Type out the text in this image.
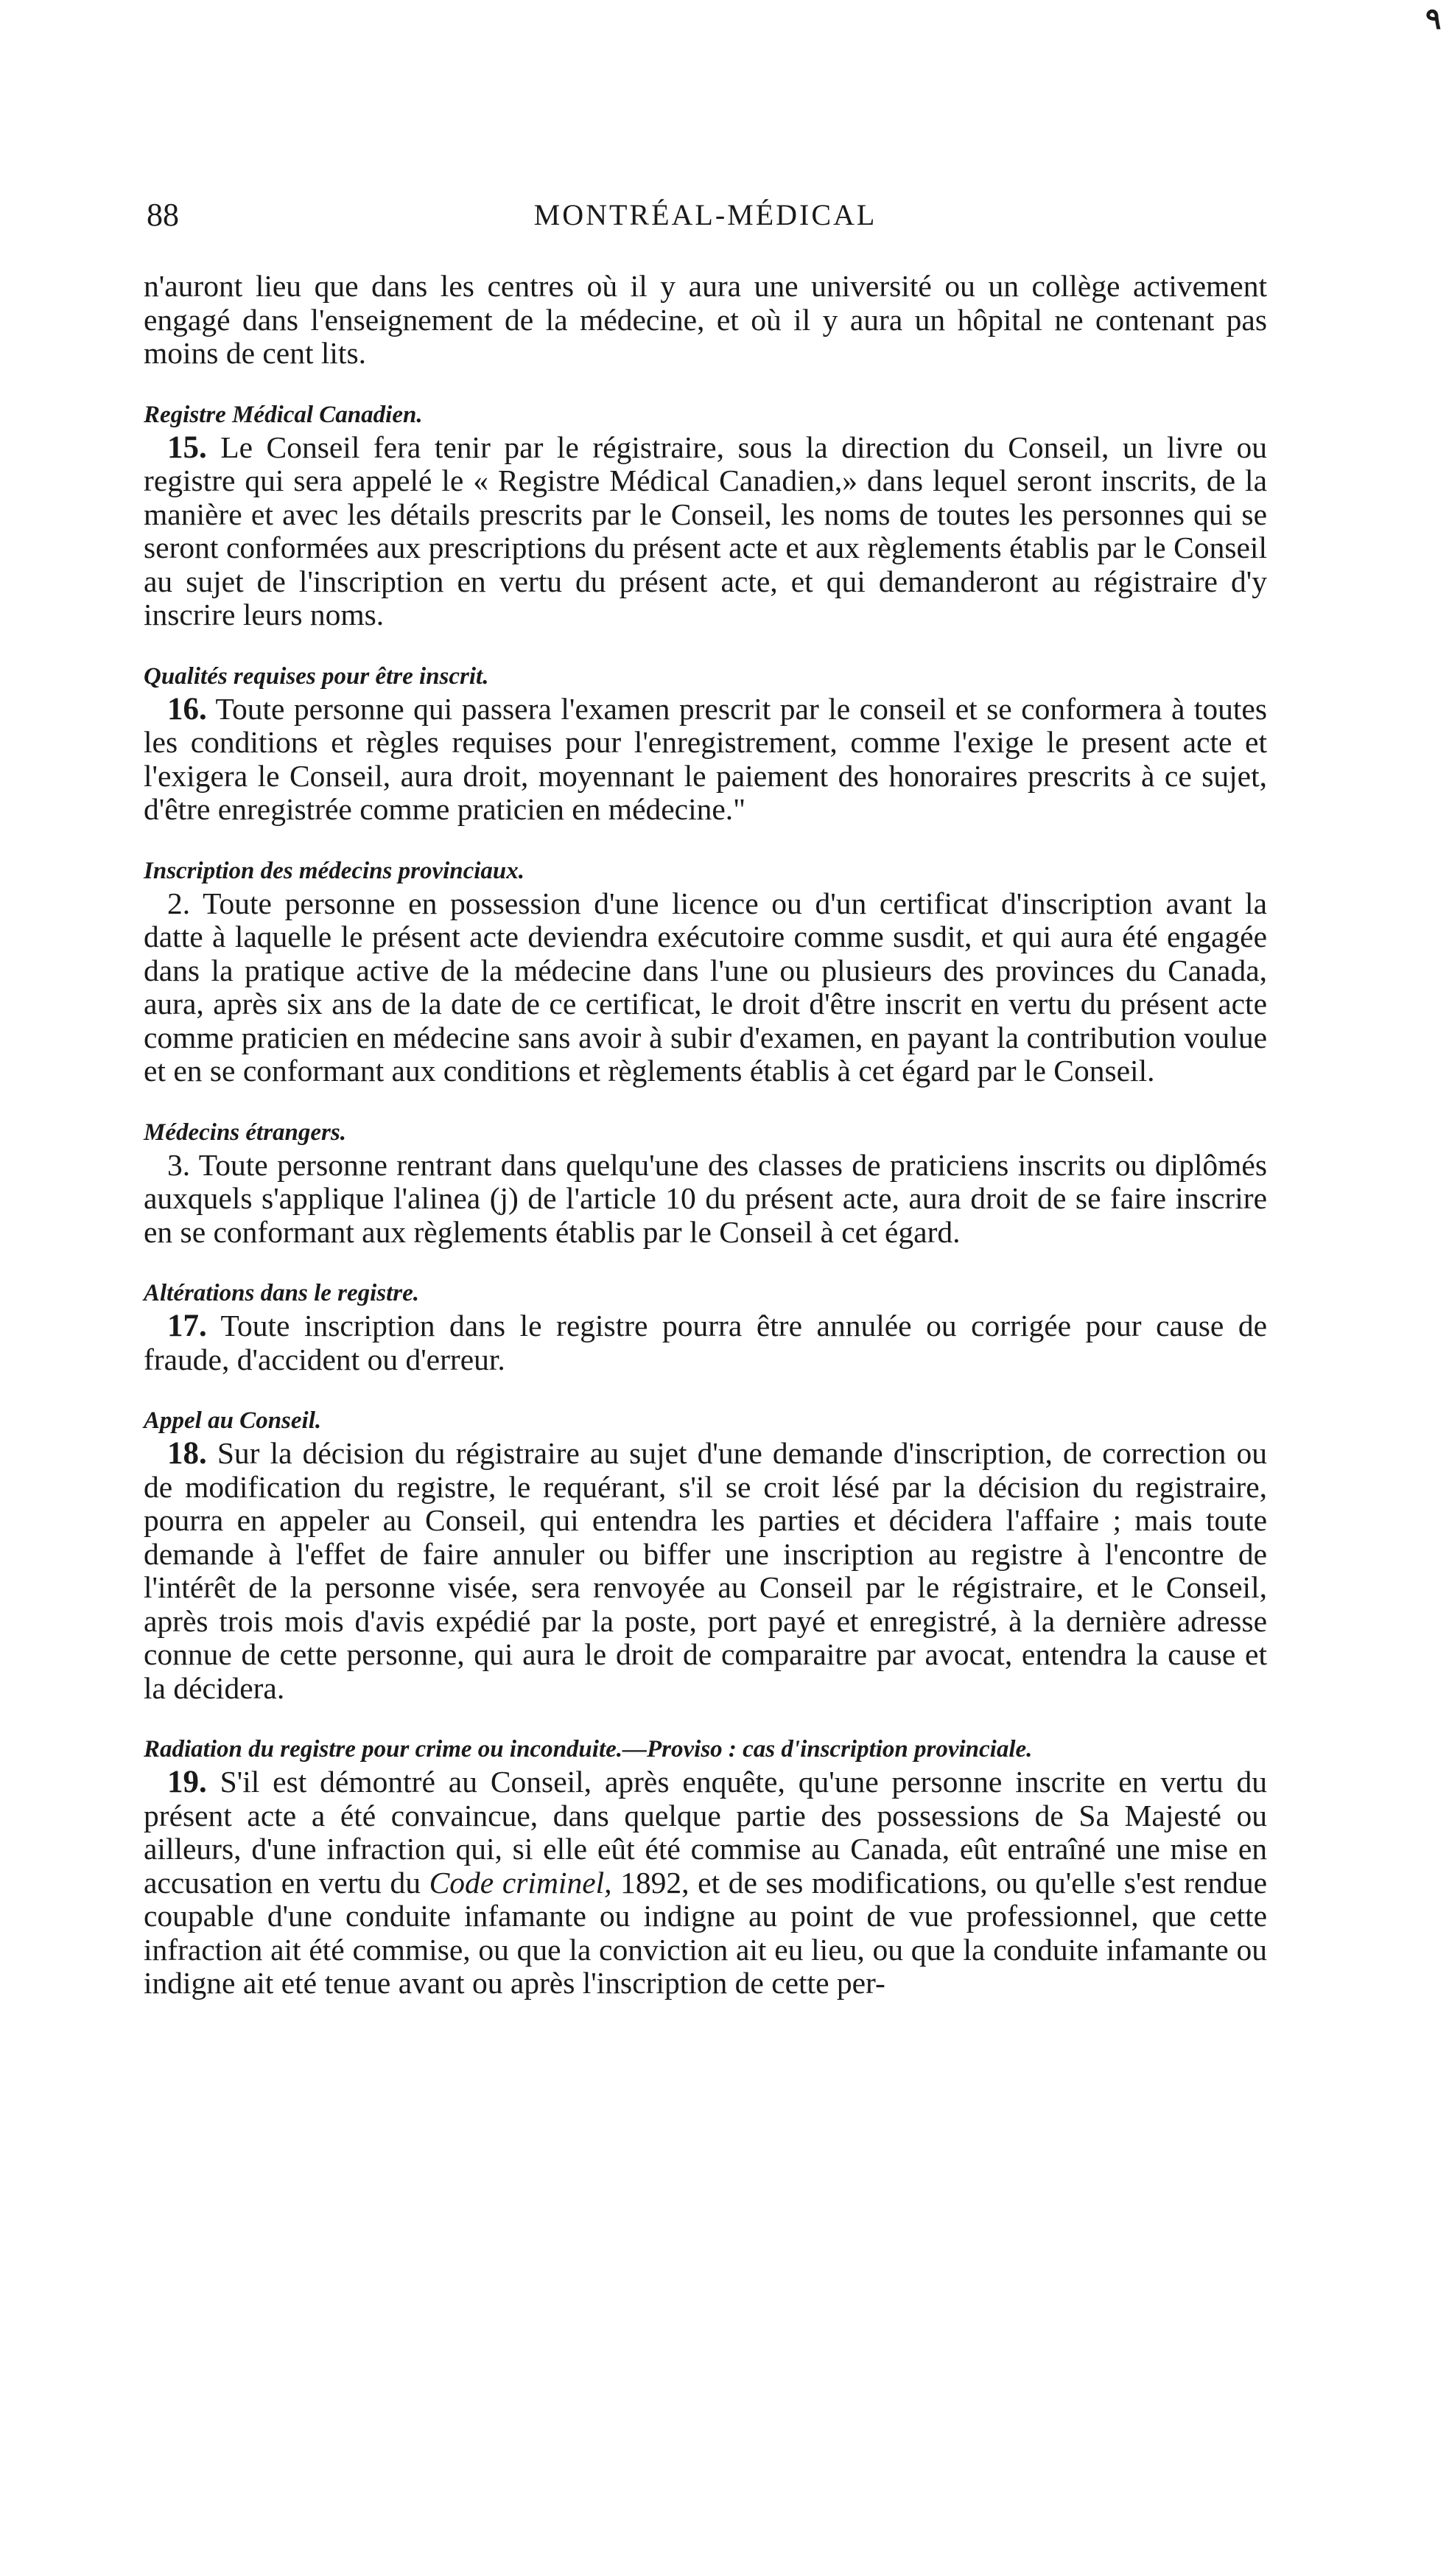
٩
88	MONTRÉAL-MÉDICAL

n'auront lieu que dans les centres où il y aura une université ou un collège activement engagé dans l'enseignement de la médecine, et où il y aura un hôpital ne contenant pas moins de cent lits.

Registre Médical Canadien.

15. Le Conseil fera tenir par le régistraire, sous la direction du Conseil, un livre ou registre qui sera appelé le « Registre Médical Canadien,» dans lequel seront inscrits, de la manière et avec les détails prescrits par le Conseil, les noms de toutes les personnes qui se seront conformées aux prescriptions du présent acte et aux règlements établis par le Conseil au sujet de l'inscription en vertu du présent acte, et qui demanderont au régistraire d'y inscrire leurs noms.

Qualités requises pour être inscrit.

16. Toute personne qui passera l'examen prescrit par le conseil et se conformera à toutes les conditions et règles requises pour l'enregistrement, comme l'exige le present acte et l'exigera le Conseil, aura droit, moyennant le paiement des honoraires prescrits à ce sujet, d'être enregistrée comme praticien en médecine."

Inscription des médecins provinciaux.

2. Toute personne en possession d'une licence ou d'un certificat d'inscription avant la datte à laquelle le présent acte deviendra exécutoire comme susdit, et qui aura été engagée dans la pratique active de la médecine dans l'une ou plusieurs des provinces du Canada, aura, après six ans de la date de ce certificat, le droit d'être inscrit en vertu du présent acte comme praticien en médecine sans avoir à subir d'examen, en payant la contribution voulue et en se conformant aux conditions et règlements établis à cet égard par le Conseil.

Médecins étrangers.

3. Toute personne rentrant dans quelqu'une des classes de praticiens inscrits ou diplômés auxquels s'applique l'alinea (j) de l'article 10 du présent acte, aura droit de se faire inscrire en se conformant aux règlements établis par le Conseil à cet égard.

Altérations dans le registre.

17. Toute inscription dans le registre pourra être annulée ou corrigée pour cause de fraude, d'accident ou d'erreur.

Appel au Conseil.

18. Sur la décision du régistraire au sujet d'une demande d'inscription, de correction ou de modification du registre, le requérant, s'il se croit lésé par la décision du registraire, pourra en appeler au Conseil, qui entendra les parties et décidera l'affaire ; mais toute demande à l'effet de faire annuler ou biffer une inscription au registre à l'encontre de l'intérêt de la personne visée, sera renvoyée au Conseil par le régistraire, et le Conseil, après trois mois d'avis expédié par la poste, port payé et enregistré, à la dernière adresse connue de cette personne, qui aura le droit de comparaitre par avocat, entendra la cause et la décidera.

Radiation du registre pour crime ou inconduite.—Proviso : cas d'inscription provinciale.

19. S'il est démontré au Conseil, après enquête, qu'une personne inscrite en vertu du présent acte a été convaincue, dans quelque partie des possessions de Sa Majesté ou ailleurs, d'une infraction qui, si elle eût été commise au Canada, eût entraîné une mise en accusation en vertu du Code criminel, 1892, et de ses modifications, ou qu'elle s'est rendue coupable d'une conduite infamante ou indigne au point de vue professionnel, que cette infraction ait été commise, ou que la conviction ait eu lieu, ou que la conduite infamante ou indigne ait eté tenue avant ou après l'inscription de cette per-
